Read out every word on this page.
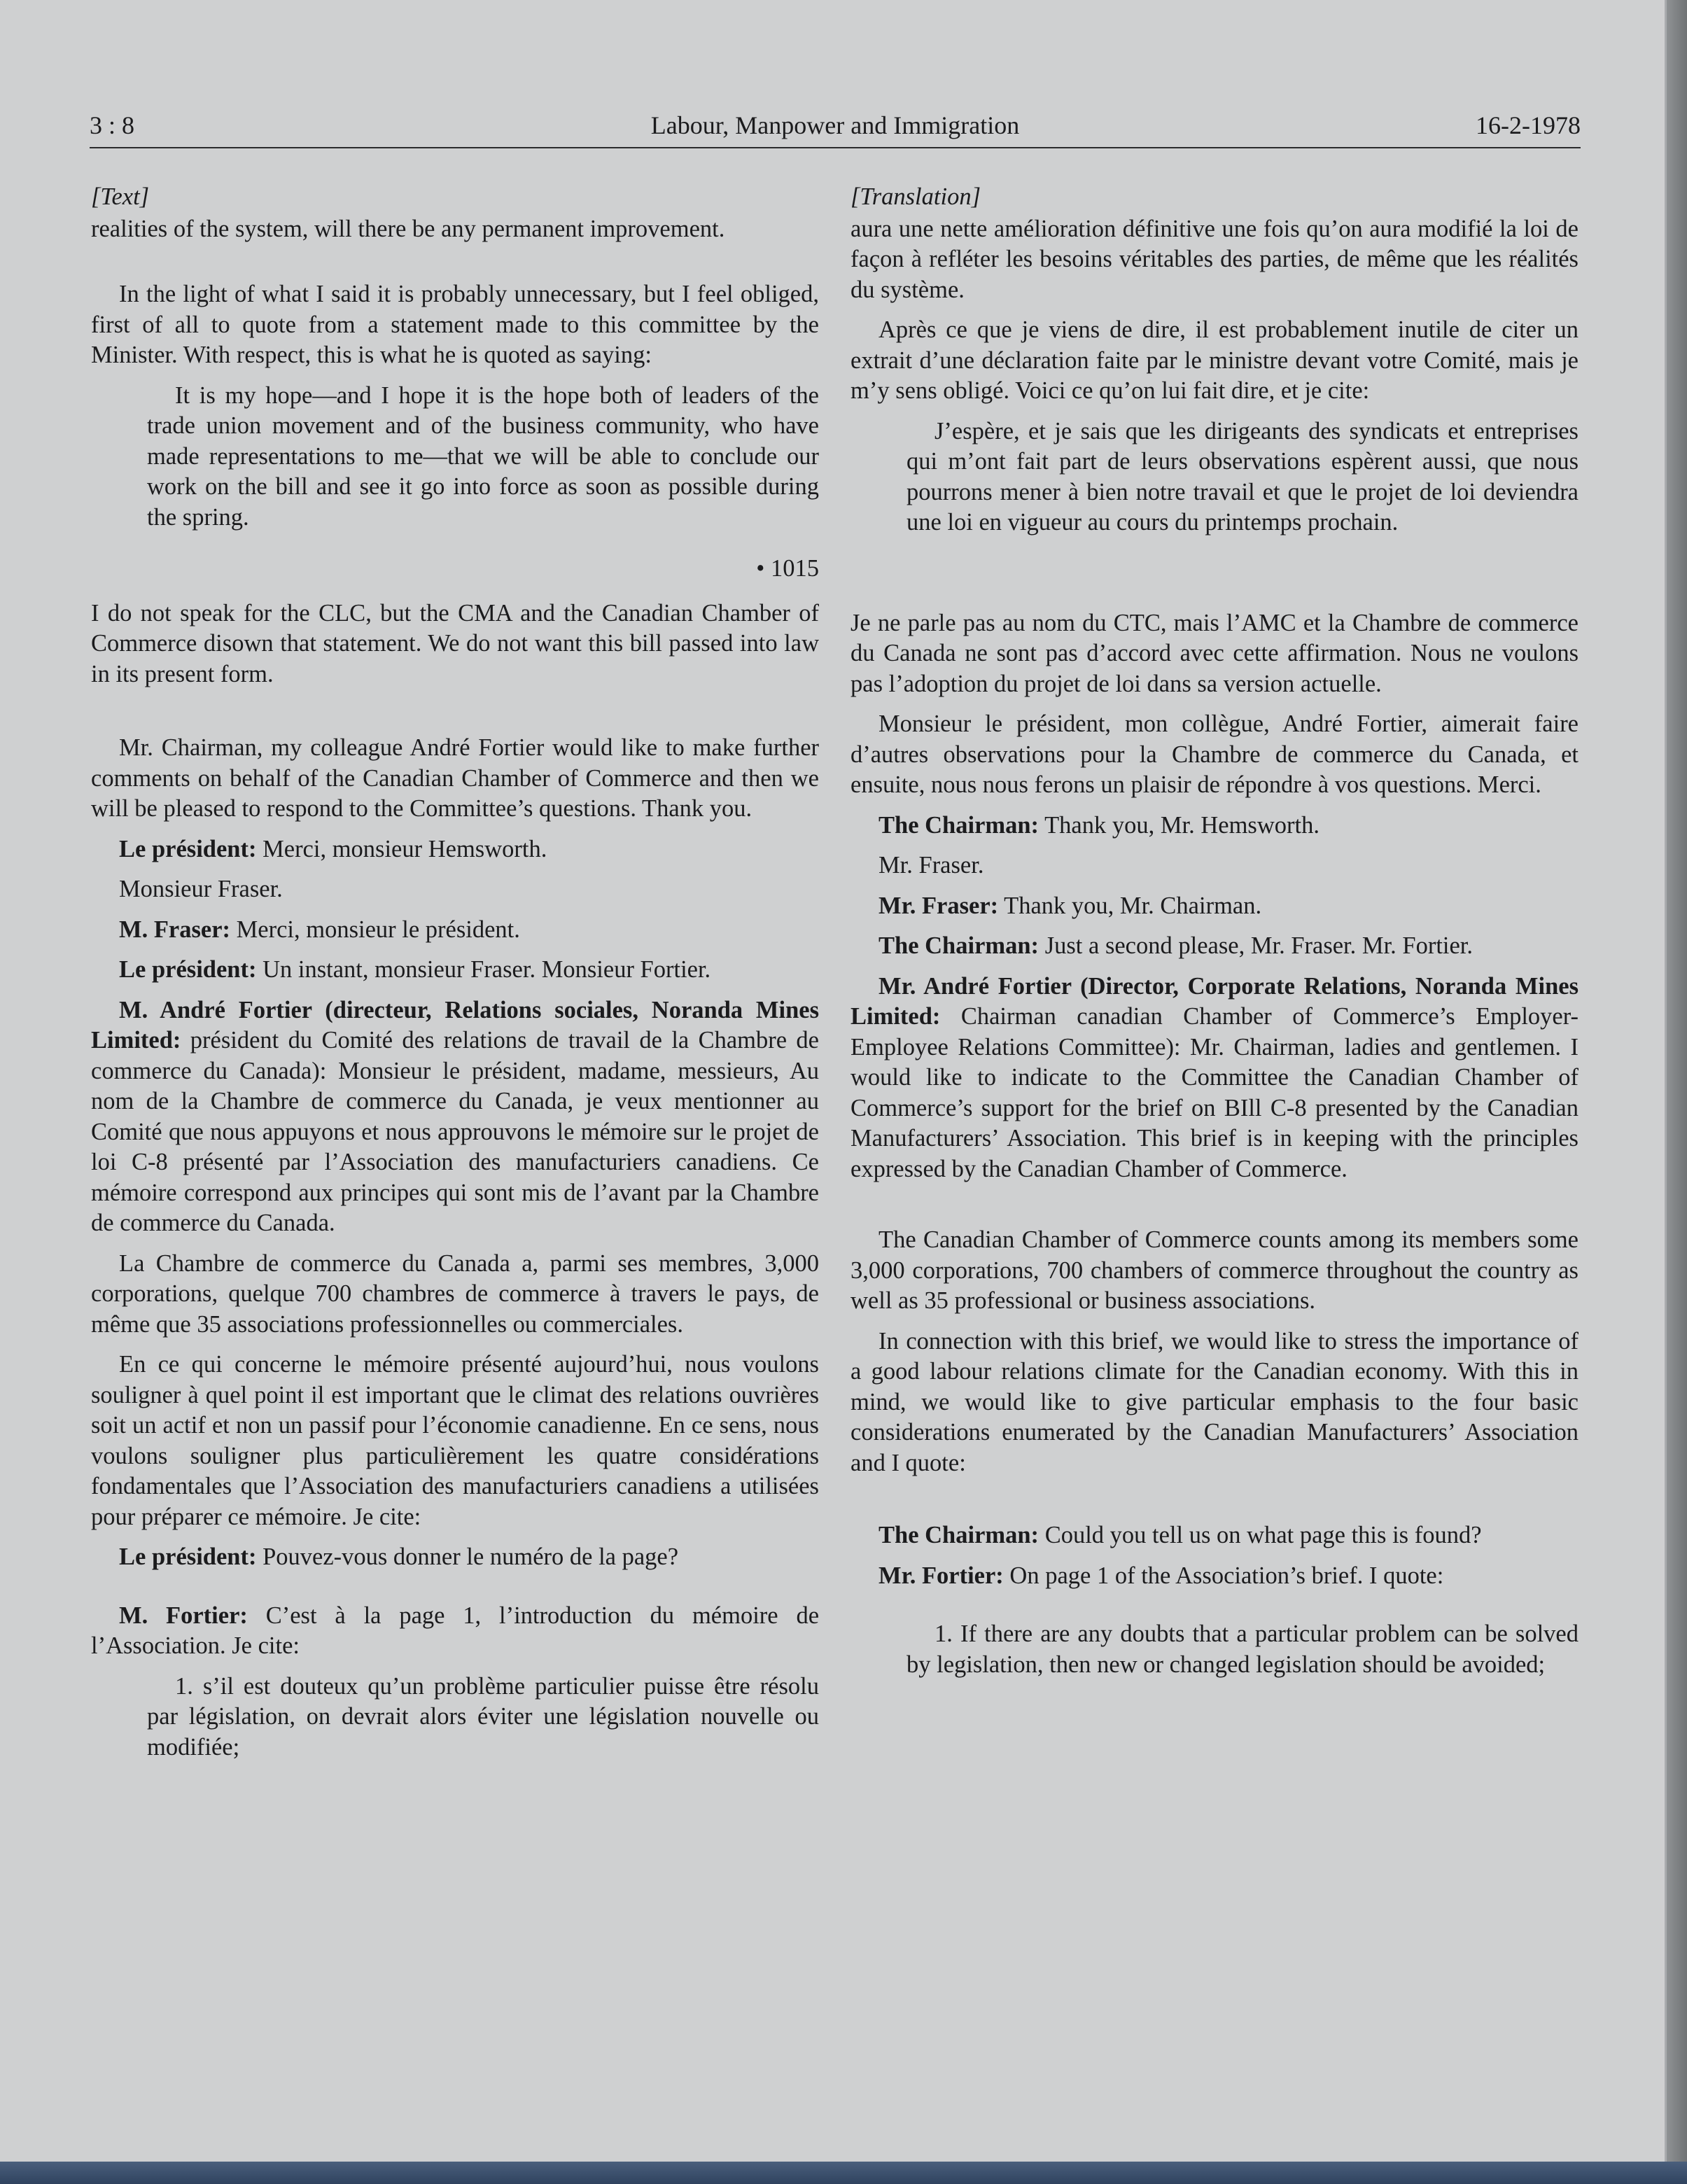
3 : 8	Labour, Manpower and Immigration	16-2-1978
[Text]

realities of the system, will there be any permanent improvement.

In the light of what I said it is probably unnecessary, but I feel obliged, first of all to quote from a statement made to this committee by the Minister. With respect, this is what he is quoted as saying:

It is my hope—and I hope it is the hope both of leaders of the trade union movement and of the business community, who have made representations to me—that we will be able to conclude our work on the bill and see it go into force as soon as possible during the spring.
• 1015

I do not speak for the CLC, but the CMA and the Canadian Chamber of Commerce disown that statement. We do not want this bill passed into law in its present form.

Mr. Chairman, my colleague André Fortier would like to make further comments on behalf of the Canadian Chamber of Commerce and then we will be pleased to respond to the Committee’s questions. Thank you.

Le président: Merci, monsieur Hemsworth.

Monsieur Fraser.

M. Fraser: Merci, monsieur le président.

Le président: Un instant, monsieur Fraser. Monsieur Fortier.

M. André Fortier (directeur, Relations sociales, Noranda Mines Limited: président du Comité des relations de travail de la Chambre de commerce du Canada): Monsieur le président, madame, messieurs, Au nom de la Chambre de commerce du Canada, je veux mentionner au Comité que nous appuyons et nous approuvons le mémoire sur le projet de loi C-8 présenté par l’Association des manufacturiers canadiens. Ce mémoire correspond aux principes qui sont mis de l’avant par la Chambre de commerce du Canada.

La Chambre de commerce du Canada a, parmi ses membres, 3,000 corporations, quelque 700 chambres de commerce à travers le pays, de même que 35 associations professionnelles ou commerciales.

En ce qui concerne le mémoire présenté aujourd’hui, nous voulons souligner à quel point il est important que le climat des relations ouvrières soit un actif et non un passif pour l’économie canadienne. En ce sens, nous voulons souligner plus particulièrement les quatre considérations fondamentales que l’Association des manufacturiers canadiens a utilisées pour préparer ce mémoire. Je cite:

Le président: Pouvez-vous donner le numéro de la page?

M. Fortier: C’est à la page 1, l’introduction du mémoire de l’Association. Je cite:

1. s’il est douteux qu’un problème particulier puisse être résolu par législation, on devrait alors éviter une législation nouvelle ou modifiée;
[Translation]

aura une nette amélioration définitive une fois qu’on aura modifié la loi de façon à refléter les besoins véritables des parties, de même que les réalités du système.

Après ce que je viens de dire, il est probablement inutile de citer un extrait d’une déclaration faite par le ministre devant votre Comité, mais je m’y sens obligé. Voici ce qu’on lui fait dire, et je cite:

J’espère, et je sais que les dirigeants des syndicats et entreprises qui m’ont fait part de leurs observations espèrent aussi, que nous pourrons mener à bien notre travail et que le projet de loi deviendra une loi en vigueur au cours du printemps prochain.

Je ne parle pas au nom du CTC, mais l’AMC et la Chambre de commerce du Canada ne sont pas d’accord avec cette affirmation. Nous ne voulons pas l’adoption du projet de loi dans sa version actuelle.

Monsieur le président, mon collègue, André Fortier, aimerait faire d’autres observations pour la Chambre de commerce du Canada, et ensuite, nous nous ferons un plaisir de répondre à vos questions. Merci.

The Chairman: Thank you, Mr. Hemsworth.

Mr. Fraser.

Mr. Fraser: Thank you, Mr. Chairman.

The Chairman: Just a second please, Mr. Fraser. Mr. Fortier.

Mr. André Fortier (Director, Corporate Relations, Noranda Mines Limited: Chairman canadian Chamber of Commerce’s Employer-Employee Relations Committee): Mr. Chairman, ladies and gentlemen. I would like to indicate to the Committee the Canadian Chamber of Commerce’s support for the brief on BIll C-8 presented by the Canadian Manufacturers’ Association. This brief is in keeping with the principles expressed by the Canadian Chamber of Commerce.

The Canadian Chamber of Commerce counts among its members some 3,000 corporations, 700 chambers of commerce throughout the country as well as 35 professional or business associations.

In connection with this brief, we would like to stress the importance of a good labour relations climate for the Canadian economy. With this in mind, we would like to give particular emphasis to the four basic considerations enumerated by the Canadian Manufacturers’ Association and I quote:

The Chairman: Could you tell us on what page this is found?

Mr. Fortier: On page 1 of the Association’s brief. I quote:

1. If there are any doubts that a particular problem can be solved by legislation, then new or changed legislation should be avoided;
